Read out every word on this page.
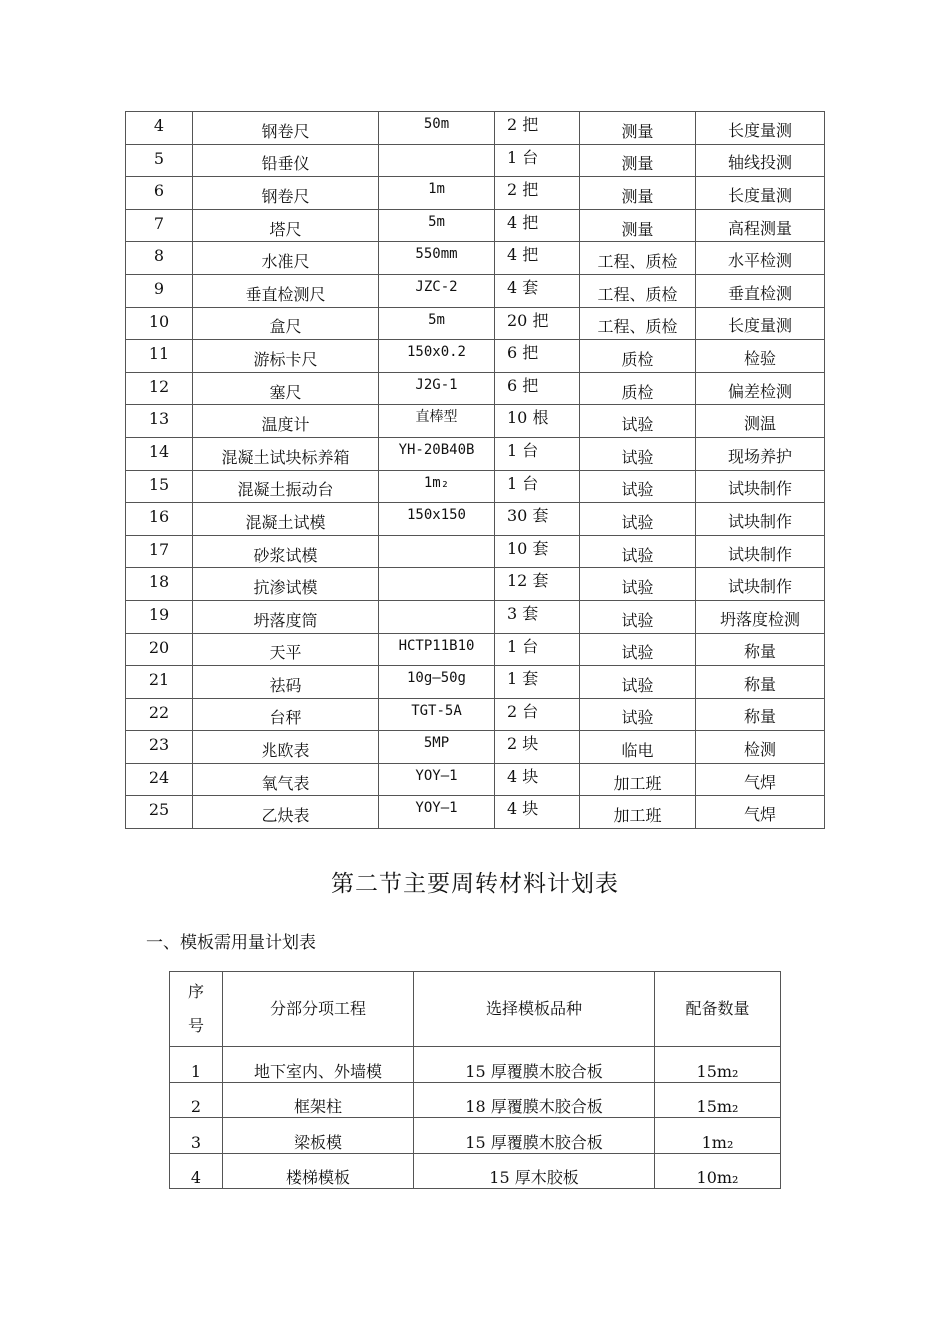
4	钢卷尺	50m	2 把	测量	长度量测
5	铅垂仪		1 台	测量	轴线投测
6	钢卷尺	1m	2 把	测量	长度量测
7	塔尺	5m	4 把	测量	高程测量
8	水准尺	550mm	4 把	工程、质检	水平检测
9	垂直检测尺	JZC-2	4 套	工程、质检	垂直检测
10	盒尺	5m	20 把	工程、质检	长度量测
11	游标卡尺	150x0.2	6 把	质检	检验
12	塞尺	J2G-1	6 把	质检	偏差检测
13	温度计	直棒型	10 根	试验	测温
14	混凝土试块标养箱	YH-20B40B	1 台	试验	现场养护
15	混凝土振动台	1m₂	1 台	试验	试块制作
16	混凝土试模	150x150	30 套	试验	试块制作
17	砂浆试模		10 套	试验	试块制作
18	抗渗试模		12 套	试验	试块制作
19	坍落度筒		3 套	试验	坍落度检测
20	天平	HCTP11B10	1 台	试验	称量
21	祛码	10g—50g	1 套	试验	称量
22	台秤	TGT-5A	2 台	试验	称量
23	兆欧表	5MP	2 块	临电	检测
24	氧气表	YOY—1	4 块	加工班	气焊
25	乙炔表	YOY—1	4 块	加工班	气焊
第二节主要周转材料计划表
一、模板需用量计划表
序
号	分部分项工程	选择模板品种	配备数量
1	地下室内、外墙模	15 厚覆膜木胶合板	15m₂
2	框架柱	18 厚覆膜木胶合板	15m₂
3	梁板模	15 厚覆膜木胶合板	1m₂
4	楼梯模板	15 厚木胶板	10m₂
